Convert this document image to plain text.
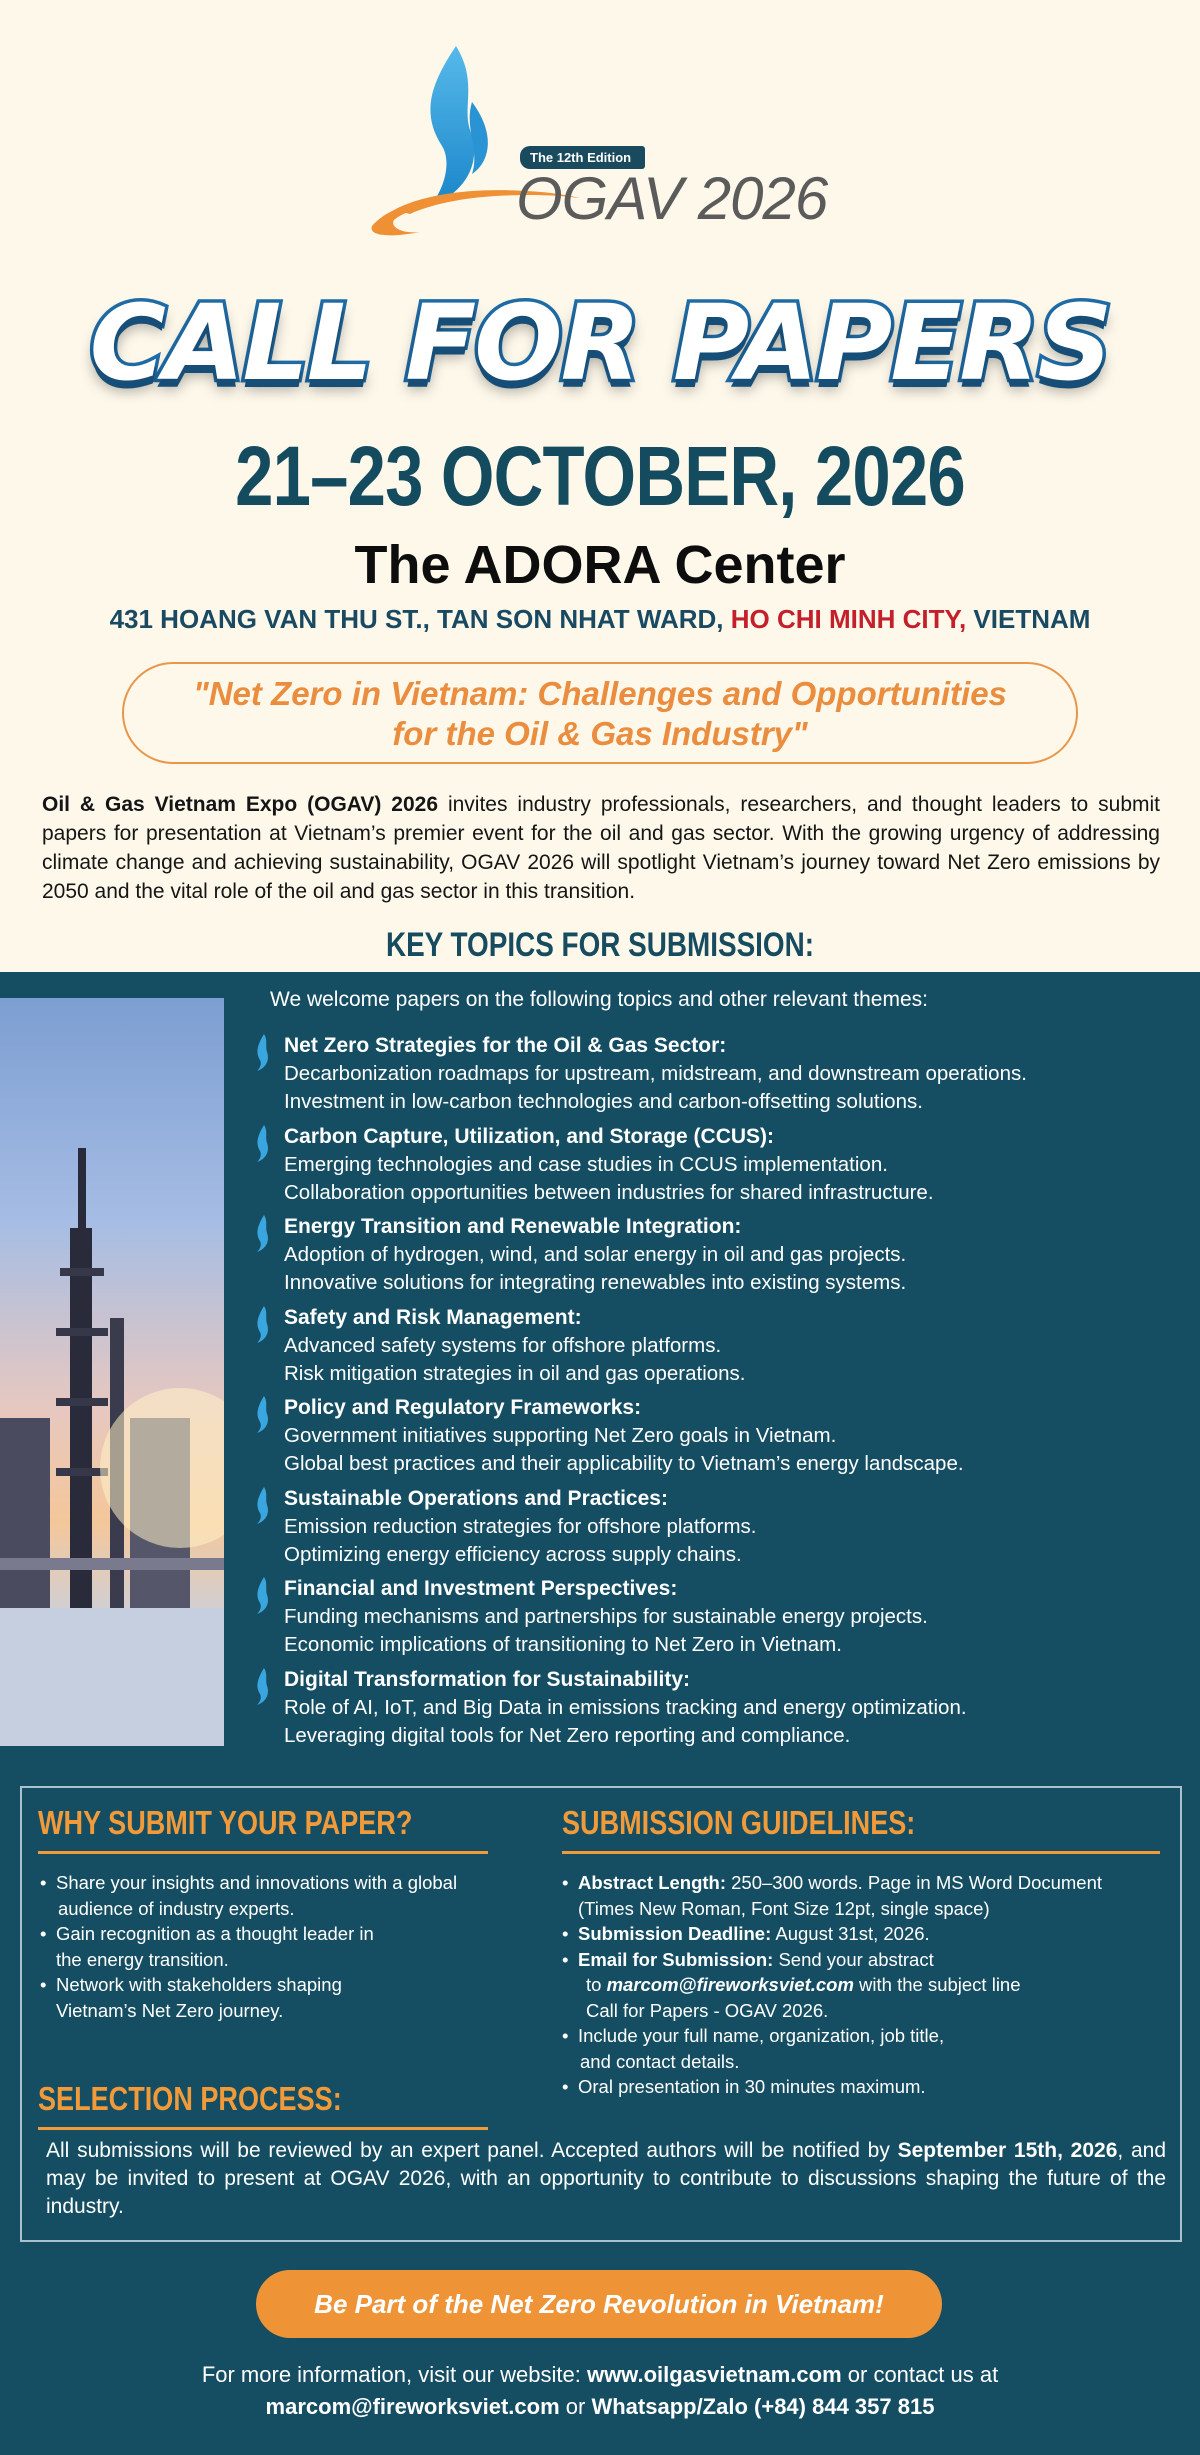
The 12th Edition
OGAV 2026
CALL FOR PAPERS
21–23 OCTOBER, 2026
The ADORA Center
431 HOANG VAN THU ST., TAN SON NHAT WARD, HO CHI MINH CITY, VIETNAM
"Net Zero in Vietnam: Challenges and Opportunities
for the Oil & Gas Industry"
Oil & Gas Vietnam Expo (OGAV) 2026 invites industry professionals, researchers, and thought leaders to submit papers for presentation at Vietnam’s premier event for the oil and gas sector. With the growing urgency of addressing climate change and achieving sustainability, OGAV 2026 will spotlight Vietnam’s journey toward Net Zero emissions by 2050 and the vital role of the oil and gas sector in this transition.
KEY TOPICS FOR SUBMISSION:
We welcome papers on the following topics and other relevant themes:
Net Zero Strategies for the Oil & Gas Sector:
Decarbonization roadmaps for upstream, midstream, and downstream operations.
Investment in low-carbon technologies and carbon-offsetting solutions.
Carbon Capture, Utilization, and Storage (CCUS):
Emerging technologies and case studies in CCUS implementation.
Collaboration opportunities between industries for shared infrastructure.
Energy Transition and Renewable Integration:
Adoption of hydrogen, wind, and solar energy in oil and gas projects.
Innovative solutions for integrating renewables into existing systems.
Safety and Risk Management:
Advanced safety systems for offshore platforms.
Risk mitigation strategies in oil and gas operations.
Policy and Regulatory Frameworks:
Government initiatives supporting Net Zero goals in Vietnam.
Global best practices and their applicability to Vietnam’s energy landscape.
Sustainable Operations and Practices:
Emission reduction strategies for offshore platforms.
Optimizing energy efficiency across supply chains.
Financial and Investment Perspectives:
Funding mechanisms and partnerships for sustainable energy projects.
Economic implications of transitioning to Net Zero in Vietnam.
Digital Transformation for Sustainability:
Role of AI, IoT, and Big Data in emissions tracking and energy optimization.
Leveraging digital tools for Net Zero reporting and compliance.
WHY SUBMIT YOUR PAPER?
• Share your insights and innovations with a global
audience of industry experts.
• Gain recognition as a thought leader in
the energy transition.
• Network with stakeholders shaping
Vietnam’s Net Zero journey.
SUBMISSION GUIDELINES:
• Abstract Length: 250–300 words. Page in MS Word Document
(Times New Roman, Font Size 12pt, single space)
• Submission Deadline: August 31st, 2026.
• Email for Submission: Send your abstract
to marcom@fireworksviet.com with the subject line
Call for Papers - OGAV 2026.
• Include your full name, organization, job title,
and contact details.
• Oral presentation in 30 minutes maximum.
SELECTION PROCESS:
All submissions will be reviewed by an expert panel. Accepted authors will be notified by September 15th, 2026, and may be invited to present at OGAV 2026, with an opportunity to contribute to discussions shaping the future of the industry.
Be Part of the Net Zero Revolution in Vietnam!
For more information, visit our website: www.oilgasvietnam.com or contact us at
marcom@fireworksviet.com or Whatsapp/Zalo (+84) 844 357 815
